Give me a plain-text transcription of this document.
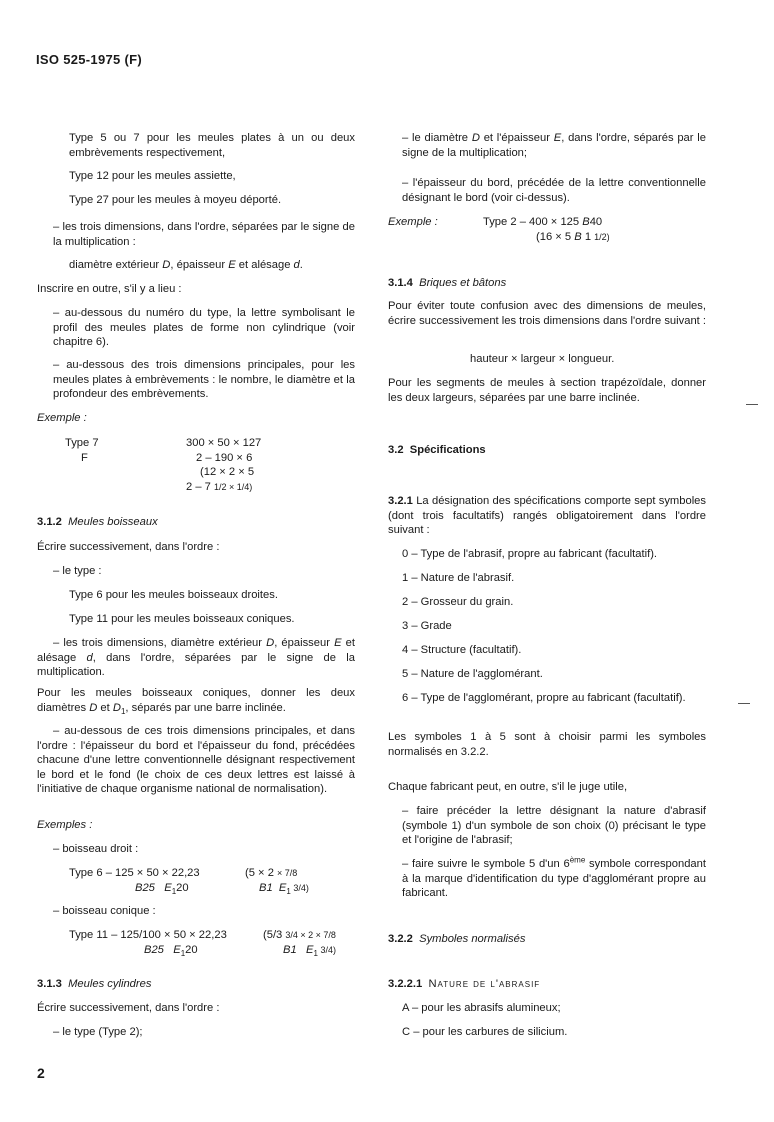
ISO 525-1975 (F)

Type 5 ou 7 pour les meules plates à un ou deux embrèvements respectivement,

Type 12 pour les meules assiette,

Type 27 pour les meules à moyeu déporté.

– les trois dimensions, dans l'ordre, séparées par le signe de la multiplication :

diamètre extérieur D, épaisseur E et alésage d.

Inscrire en outre, s'il y a lieu :

– au-dessous du numéro du type, la lettre symbolisant le profil des meules plates de forme non cylindrique (voir chapitre 6).

– au-dessous des trois dimensions principales, pour les meules plates à embrèvements : le nombre, le diamètre et la profondeur des embrèvements.

Exemple :

Type 7
F
300 × 50 × 127
2 – 190 × 6
(12 × 2 × 5
2 – 7 1/2 × 1/4)

3.1.2 Meules boisseaux

Écrire successivement, dans l'ordre :

– le type :

Type 6 pour les meules boisseaux droites.

Type 11 pour les meules boisseaux coniques.

– les trois dimensions, diamètre extérieur D, épaisseur E et alésage d, dans l'ordre, séparées par le signe de la multiplication.

Pour les meules boisseaux coniques, donner les deux diamètres D et $D_1$, séparés par une barre inclinée.

– au-dessous de ces trois dimensions principales, et dans l'ordre : l'épaisseur du bord et l'épaisseur du fond, précédées chacune d'une lettre conventionnelle désignant respectivement le bord et le fond (le choix de ces deux lettres est laissé à l'initiative de chaque organisme national de normalisation).

Exemples :

– boisseau droit :

Type 6 – 125 × 50 × 22,23
B25 $E_120$
(5 × 2 × 7/8
B1 $E_1$ 3/4)

– boisseau conique :

Type 11 – 125/100 × 50 × 22,23
B25 $E_120$
(5/3 3/4 × 2 × 7/8
B1 $E_1$ 3/4)

3.1.3 Meules cylindres

Écrire successivement, dans l'ordre :

– le type (Type 2);

2

– le diamètre D et l'épaisseur E, dans l'ordre, séparés par le signe de la multiplication;

– l'épaisseur du bord, précédée de la lettre conventionnelle désignant le bord (voir ci-dessus).

Exemple :	Type 2 – 400 × 125 B40
(16 × 5 B 1 1/2)

3.1.4 Briques et bâtons

Pour éviter toute confusion avec des dimensions de meules, écrire successivement les trois dimensions dans l'ordre suivant :

hauteur × largeur × longueur.

Pour les segments de meules à section trapézoïdale, donner les deux largeurs, séparées par une barre inclinée.

3.2 Spécifications

3.2.1 La désignation des spécifications comporte sept symboles (dont trois facultatifs) rangés obligatoirement dans l'ordre suivant :

0 – Type de l'abrasif, propre au fabricant (facultatif).

1 – Nature de l'abrasif.

2 – Grosseur du grain.

3 – Grade

4 – Structure (facultatif).

5 – Nature de l'agglomérant.

6 – Type de l'agglomérant, propre au fabricant (facultatif).

Les symboles 1 à 5 sont à choisir parmi les symboles normalisés en 3.2.2.

Chaque fabricant peut, en outre, s'il le juge utile,

– faire précéder la lettre désignant la nature d'abrasif (symbole 1) d'un symbole de son choix (0) précisant le type et l'origine de l'abrasif;

– faire suivre le symbole 5 d'un 6ème symbole correspondant à la marque d'identification du type d'agglomérant propre au fabricant.

3.2.2 Symboles normalisés

3.2.2.1 Nature de l'abrasif

A – pour les abrasifs alumineux;

C – pour les carbures de silicium.
